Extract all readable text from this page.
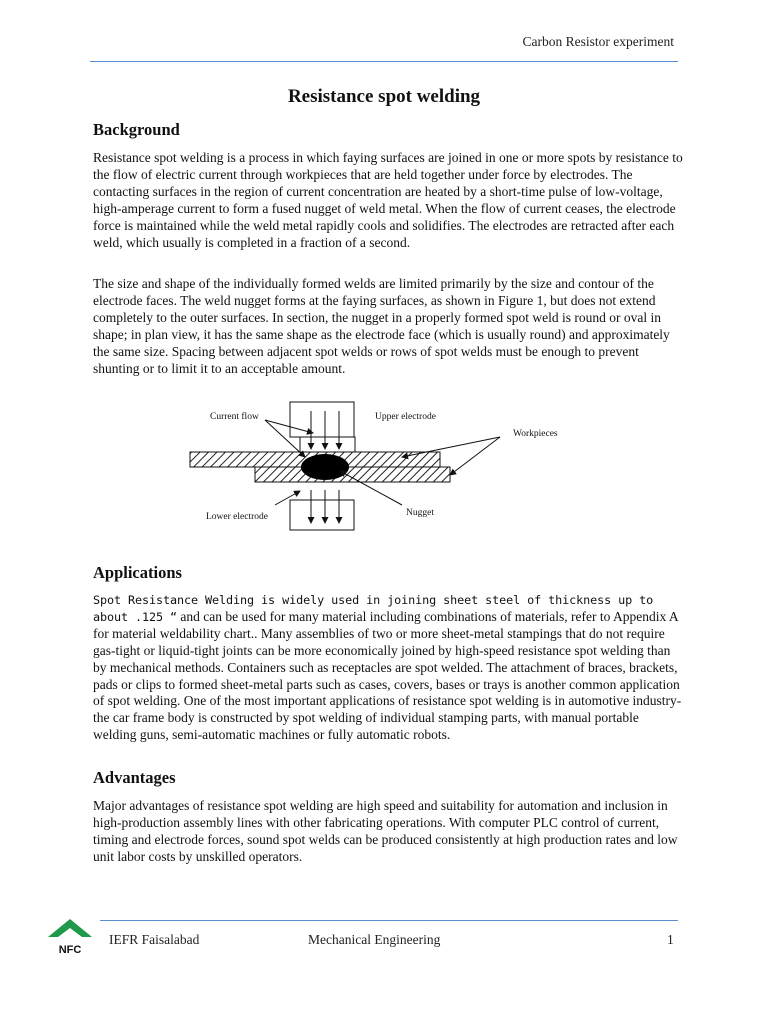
Carbon Resistor experiment
Resistance spot welding
Background

Resistance spot welding is a process in which faying surfaces are joined in one or more spots by resistance to the flow of electric current through workpieces that are held together under force by electrodes. The contacting surfaces in the region of current concentration are heated by a short-time pulse of low-voltage, high-amperage current to form a fused nugget of weld metal. When the flow of current ceases, the electrode force is maintained while the weld metal rapidly cools and solidifies. The electrodes are retracted after each weld, which usually is completed in a fraction of a second.

The size and shape of the individually formed welds are limited primarily by the size and contour of the electrode faces. The weld nugget forms at the faying surfaces, as shown in Figure 1, but does not extend completely to the outer surfaces. In section, the nugget in a properly formed spot weld is round or oval in shape; in plan view, it has the same shape as the electrode face (which is usually round) and approximately the same size. Spacing between adjacent spot welds or rows of spot welds must be enough to prevent shunting or to limit it to an acceptable amount.

Current flow	Upper electrode
Workpieces
Lower electrode	Nugget
Applications

Spot Resistance Welding is widely used in joining sheet steel of thickness up to about .125 “ and can be used for many material including combinations of materials, refer to Appendix A for material weldability chart.. Many assemblies of two or more sheet-metal stampings that do not require gas-tight or liquid-tight joints can be more economically joined by high-speed resistance spot welding than by mechanical methods. Containers such as receptacles are spot welded. The attachment of braces, brackets, pads or clips to formed sheet-metal parts such as cases, covers, bases or trays is another common application of spot welding. One of the most important applications of resistance spot welding is in automotive industry-the car frame body is constructed by spot welding of individual stamping parts, with manual portable welding guns, semi-automatic machines or fully automatic robots.

Advantages

Major advantages of resistance spot welding are high speed and suitability for automation and inclusion in high-production assembly lines with other fabricating operations. With computer PLC control of current, timing and electrode forces, sound spot welds can be produced consistently at high production rates and low unit labor costs by unskilled operators.

NFC
IEFR Faisalabad	Mechanical Engineering	1
